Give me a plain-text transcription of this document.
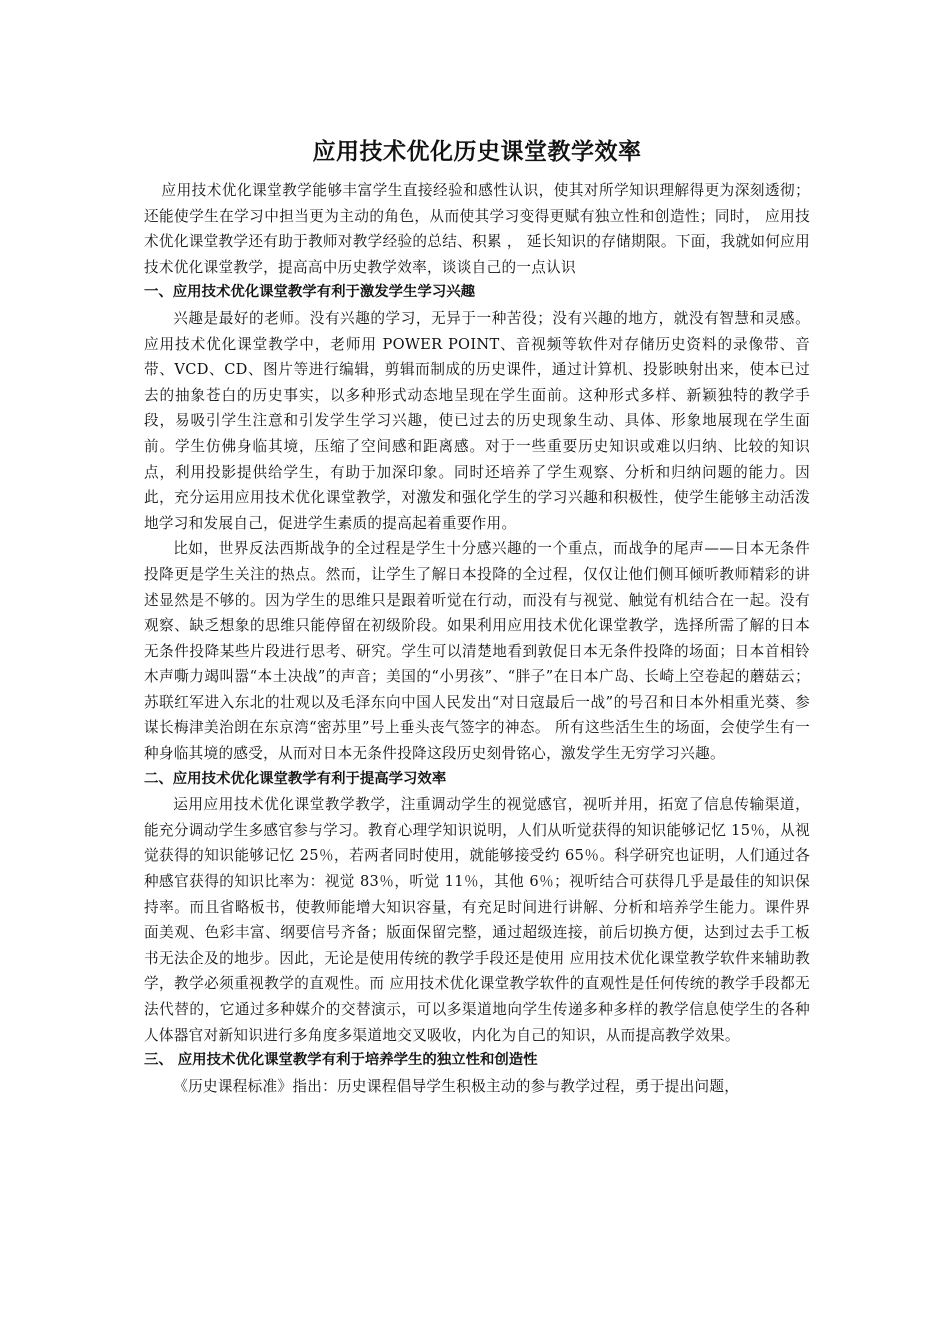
应用技术优化历史课堂教学效率

应用技术优化课堂教学能够丰富学生直接经验和感性认识，使其对所学知识理解得更为深刻透彻；还能使学生在学习中担当更为主动的角色，从而使其学习变得更赋有独立性和创造性；同时， 应用技术优化课堂教学还有助于教师对教学经验的总结、积累 ， 延长知识的存储期限。下面，我就如何应用技术优化课堂教学，提高高中历史教学效率，谈谈自己的一点认识

一、应用技术优化课堂教学有利于激发学生学习兴趣

兴趣是最好的老师。没有兴趣的学习，无异于一种苦役；没有兴趣的地方，就没有智慧和灵感。 应用技术优化课堂教学中，老师用 POWER POINT、音视频等软件对存储历史资料的录像带、音带、VCD、CD、图片等进行编辑，剪辑而制成的历史课件，通过计算机、投影映射出来，使本已过去的抽象苍白的历史事实，以多种形式动态地呈现在学生面前。这种形式多样、新颖独特的教学手段，易吸引学生注意和引发学生学习兴趣，使已过去的历史现象生动、具体、形象地展现在学生面前。学生仿佛身临其境，压缩了空间感和距离感。对于一些重要历史知识或难以归纳、比较的知识点，利用投影提供给学生，有助于加深印象。同时还培养了学生观察、分析和归纳问题的能力。因此，充分运用应用技术优化课堂教学，对激发和强化学生的学习兴趣和积极性，使学生能够主动活泼地学习和发展自己，促进学生素质的提高起着重要作用。

比如，世界反法西斯战争的全过程是学生十分感兴趣的一个重点，而战争的尾声——日本无条件投降更是学生关注的热点。然而，让学生了解日本投降的全过程，仅仅让他们侧耳倾听教师精彩的讲述显然是不够的。因为学生的思维只是跟着听觉在行动，而没有与视觉、触觉有机结合在一起。没有观察、缺乏想象的思维只能停留在初级阶段。如果利用应用技术优化课堂教学，选择所需了解的日本无条件投降某些片段进行思考、研究。学生可以清楚地看到敦促日本无条件投降的场面；日本首相铃木声嘶力竭叫嚣“本土决战”的声音；美国的“小男孩”、“胖子”在日本广岛、长崎上空卷起的蘑菇云；苏联红军进入东北的壮观以及毛泽东向中国人民发出“对日寇最后一战”的号召和日本外相重光葵、参谋长梅津美治朗在东京湾“密苏里”号上垂头丧气签字的神态。 所有这些活生生的场面，会使学生有一种身临其境的感受，从而对日本无条件投降这段历史刻骨铭心，激发学生无穷学习兴趣。

二、应用技术优化课堂教学有利于提高学习效率

运用应用技术优化课堂教学教学，注重调动学生的视觉感官，视听并用，拓宽了信息传输渠道，能充分调动学生多感官参与学习。教育心理学知识说明，人们从听觉获得的知识能够记忆 15％，从视觉获得的知识能够记忆 25％，若两者同时使用，就能够接受约 65％。科学研究也证明，人们通过各种感官获得的知识比率为：视觉 83％，听觉 11％，其他 6％；视听结合可获得几乎是最佳的知识保持率。而且省略板书，使教师能增大知识容量，有充足时间进行讲解、分析和培养学生能力。课件界面美观、色彩丰富、纲要信号齐备；版面保留完整，通过超级连接，前后切换方便，达到过去手工板书无法企及的地步。因此，无论是使用传统的教学手段还是使用 应用技术优化课堂教学软件来辅助教学，教学必须重视教学的直观性。而 应用技术优化课堂教学软件的直观性是任何传统的教学手段都无法代替的，它通过多种媒介的交替演示，可以多渠道地向学生传递多种多样的教学信息使学生的各种人体器官对新知识进行多角度多渠道地交叉吸收，内化为自己的知识，从而提高教学效果。

三、 应用技术优化课堂教学有利于培养学生的独立性和创造性

《历史课程标准》指出：历史课程倡导学生积极主动的参与教学过程，勇于提出问题，
